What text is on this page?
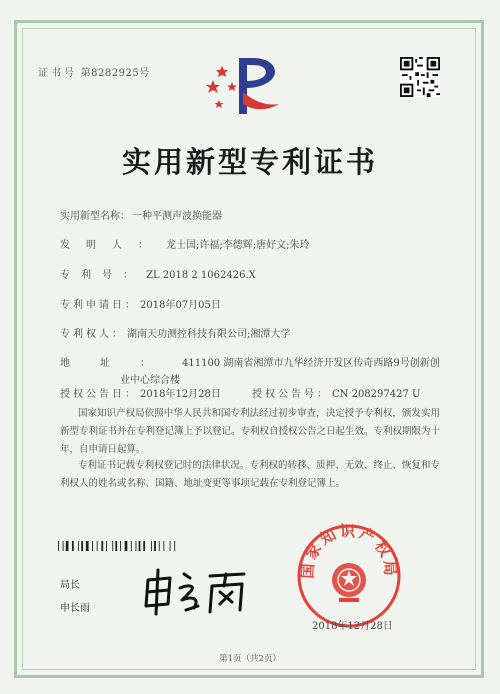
证书号 第8282925号
实用新型专利证书
实用新型名称： 一种平测声波换能器
发明人： 龙士国;许福;李德辉;唐好文;朱玲
专利号： ZL 2018 2 1062426.X
专利申请日： 2018年07月05日
专利权人： 湖南天功测控科技有限公司;湘潭大学
地址： 411100 湖南省湘潭市九华经济开发区传奇西路9号创新创
业中心综合楼
授权公告日： 2018年12月28日	授权公告号： CN 208297427 U
国家知识产权局依照中华人民共和国专利法经过初步审查，决定授予专利权，颁发实用新型专利证书并在专利登记簿上予以登记。专利权自授权公告之日起生效。专利权期限为十年，自申请日起算。
专利证书记载专利权登记时的法律状况。专利权的转移、质押、无效、终止、恢复和专利权人的姓名或名称、国籍、地址变更等事项记载在专利登记簿上。
局长
申长雨
国家知识产权局
2018年12月28日
第1页（共2页）
